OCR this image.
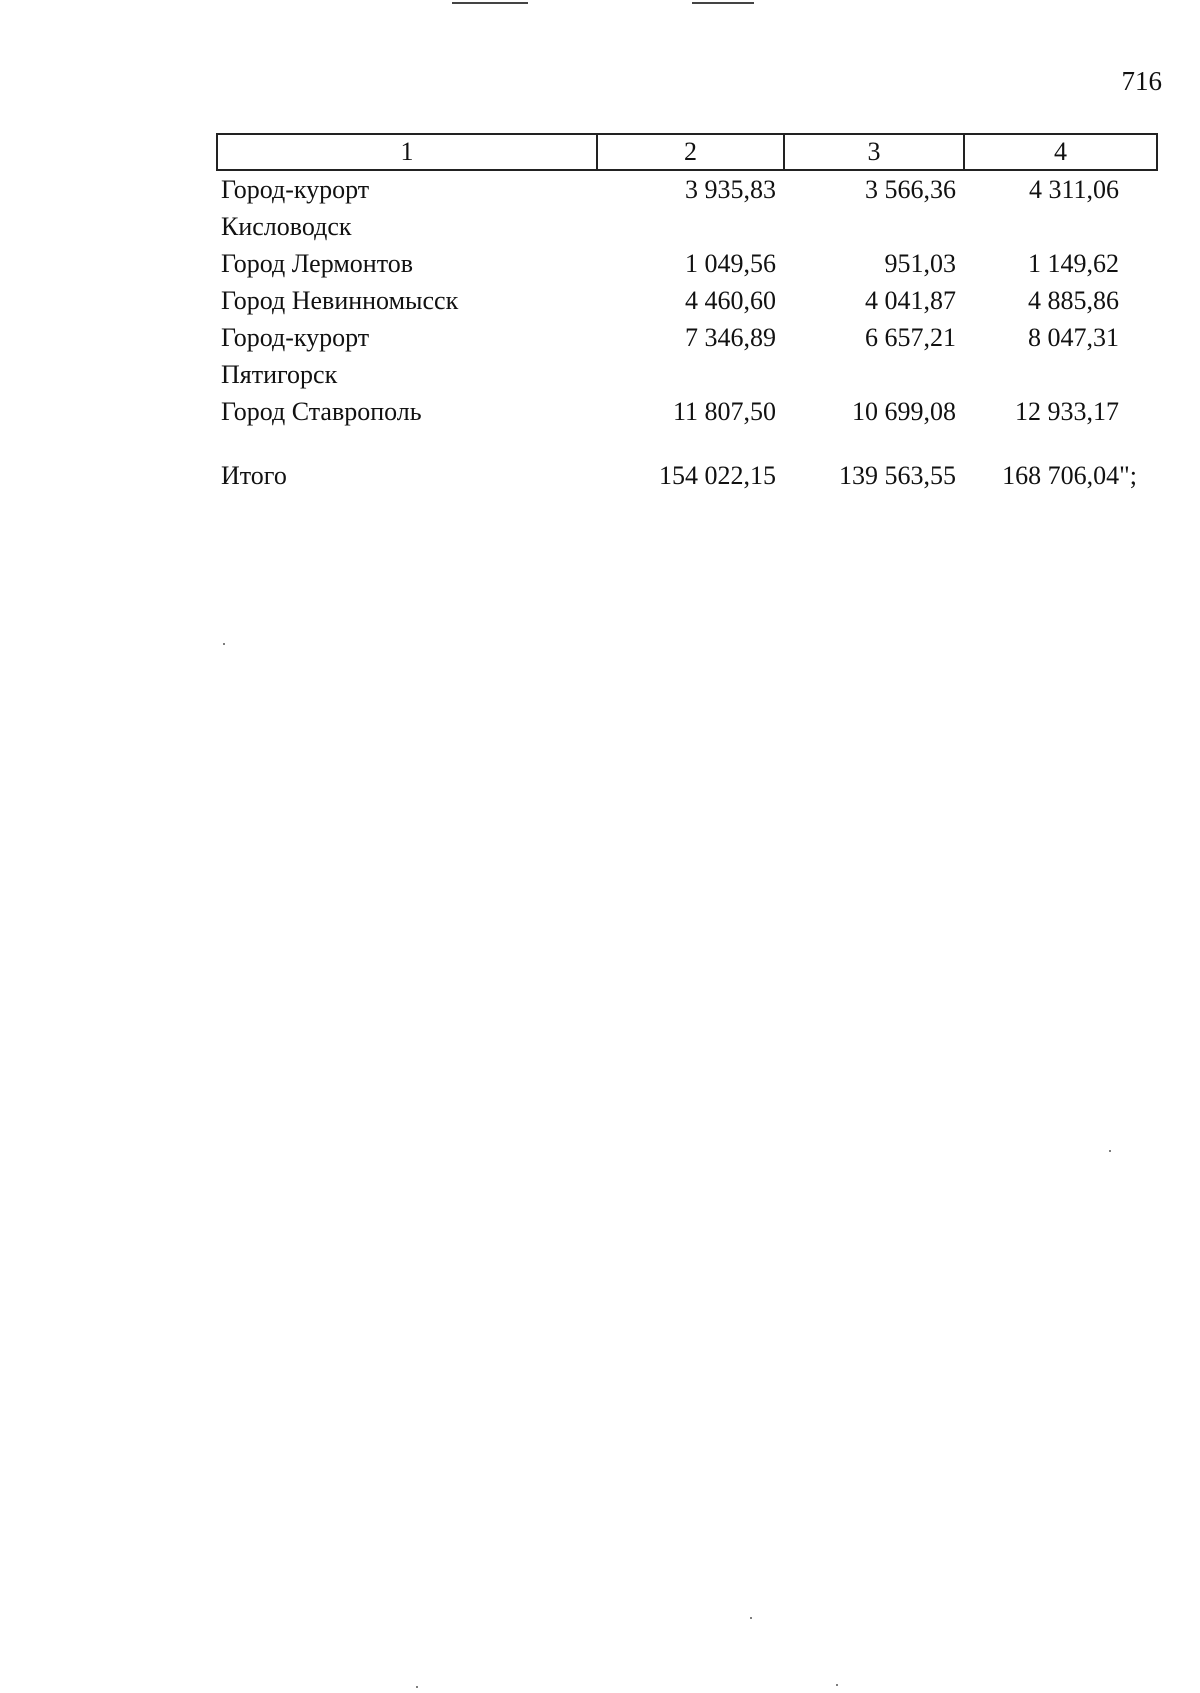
716
1	2	3	4
Город-курорт
Кисловодск	3 935,83	3 566,36	4 311,06
Город Лермонтов	1 049,56	951,03	1 149,62
Город Невинномысск	4 460,60	4 041,87	4 885,86
Город-курорт
Пятигорск	7 346,89	6 657,21	8 047,31
Город Ставрополь	11 807,50	10 699,08	12 933,17
Итого	154 022,15	139 563,55	168 706,04";
